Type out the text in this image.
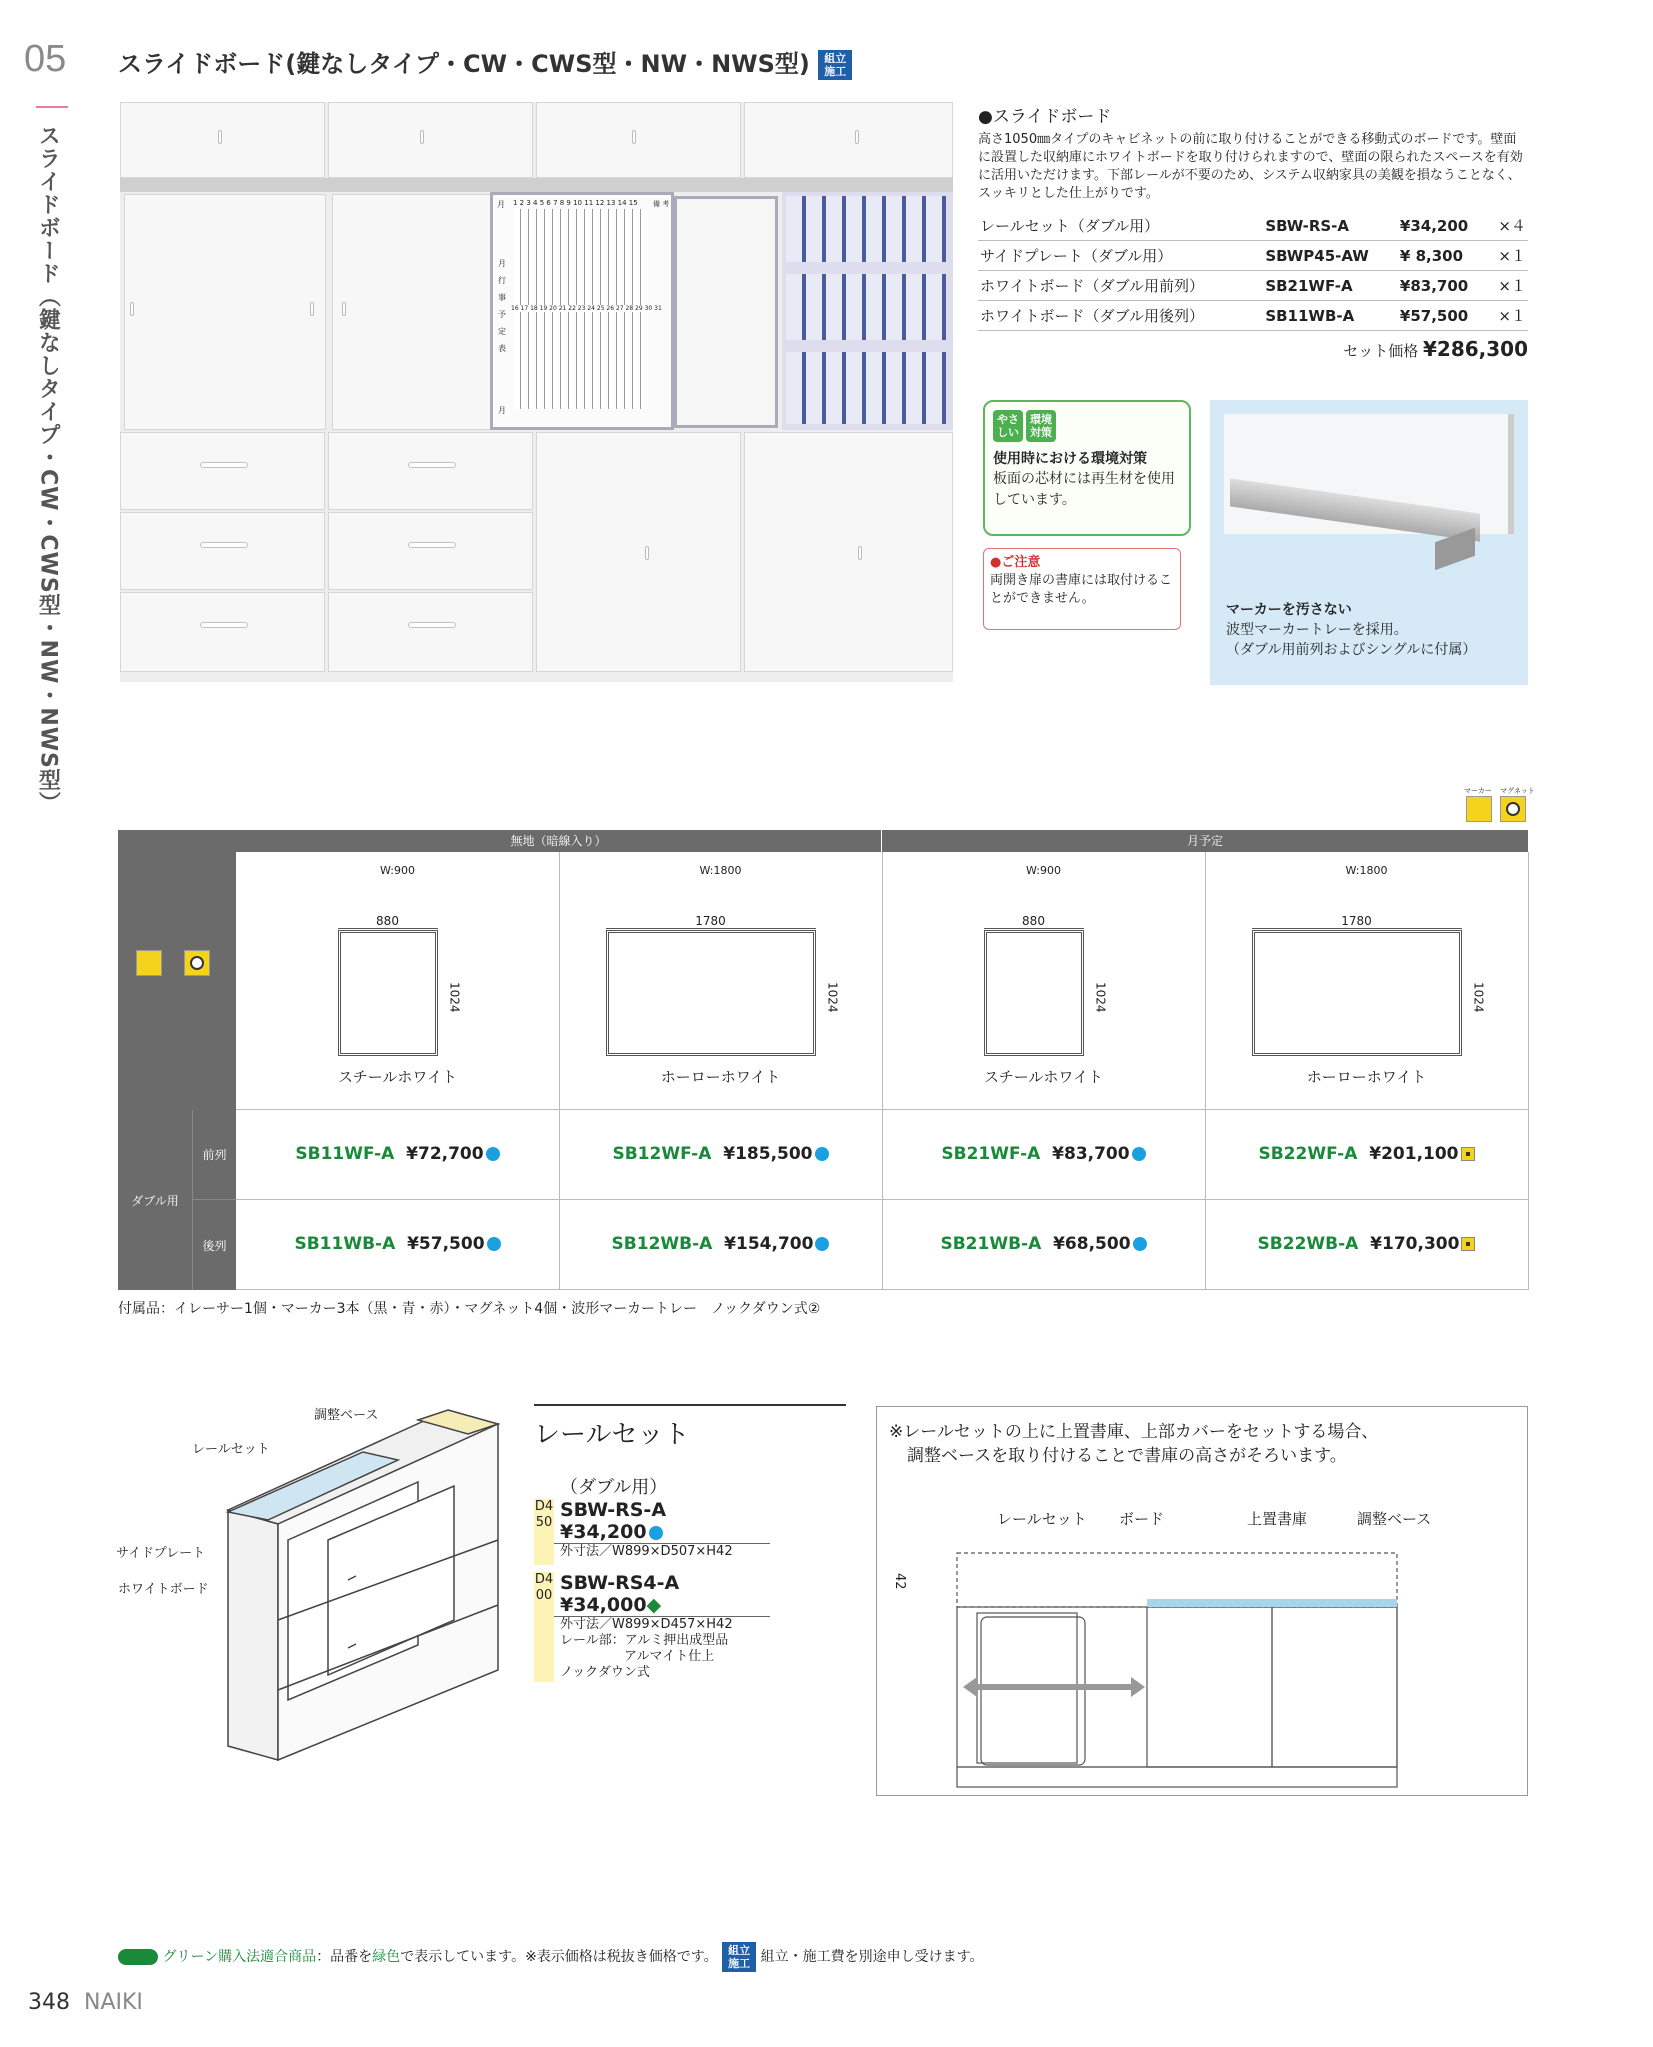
05
スライドボード（鍵なしタイプ・CW・CWS型・NW・NWS型）
スライドボード(鍵なしタイプ・CW・CWS型・NW・NWS型) 組立施工
月 1 2 3 4 5 6 7 8 9 10 11 12 13 14 15 備 考
16 17 18 19 20 21 22 23 24 25 26 27 28 29 30 31
月
行
事
予
定
表
月
●スライドボード

高さ1050㎜タイプのキャビネットの前に取り付けることができる移動式のボードです。壁面に設置した収納庫にホワイトボードを取り付けられますので、壁面の限られたスペースを有効に活用いただけます。下部レールが不要のため、システム収納家具の美観を損なうことなく、スッキリとした仕上がりです。

レールセット（ダブル用）	SBW-RS-A	¥34,200	×４
サイドプレート（ダブル用）	SBWP45-AW	¥ 8,300	×１
ホワイトボード（ダブル用前列）	SB21WF-A	¥83,700	×１
ホワイトボード（ダブル用後列）	SB11WB-A	¥57,500	×１
セット価格 ¥286,300
やさしい環境対策
使用時における環境対策
板面の芯材には再生材を使用しています。
●ご注意
両開き扉の書庫には取付けることができません。
マーカーを汚さない
波型マーカートレーを採用。
（ダブル用前列およびシングルに付属）
マーカー マグネット
無地（暗線入り）	月予定
W:900
880
1024
スチールホワイト
W:1800
1780
1024
ホーローホワイト
W:900
880
1024
スチールホワイト
W:1800
1780
1024
ホーローホワイト
SB11WF-A ¥72,700	SB12WF-A ¥185,500	SB21WF-A ¥83,700	SB22WF-A ¥201,100
SB11WB-A ¥57,500	SB12WB-A ¥154,700	SB21WB-A ¥68,500	SB22WB-A ¥170,300
ダブル用
前列
後列
付属品：イレーサー1個・マーカー3本（黒・青・赤）・マグネット4個・波形マーカートレー　ノックダウン式②
調整ベース
レールセット
サイドプレート
ホワイトボード
レールセット
（ダブル用）
D450
SBW-RS-A
¥34,200
外寸法／W899×D507×H42
D400
SBW-RS4-A
¥34,000◆
外寸法／W899×D457×H42
レール部：アルミ押出成型品
アルマイト仕上
ノックダウン式
※レールセットの上に上置書庫、上部カバーをセットする場合、
調整ベースを取り付けることで書庫の高さがそろいます。
レールセット ボード	上置書庫	調整ベース
42
グリーン購入法適合商品：品番を緑色で表示しています。※表示価格は税抜き価格です。 組立施工 組立・施工費を別途申し受けます。
348 NAIKI
